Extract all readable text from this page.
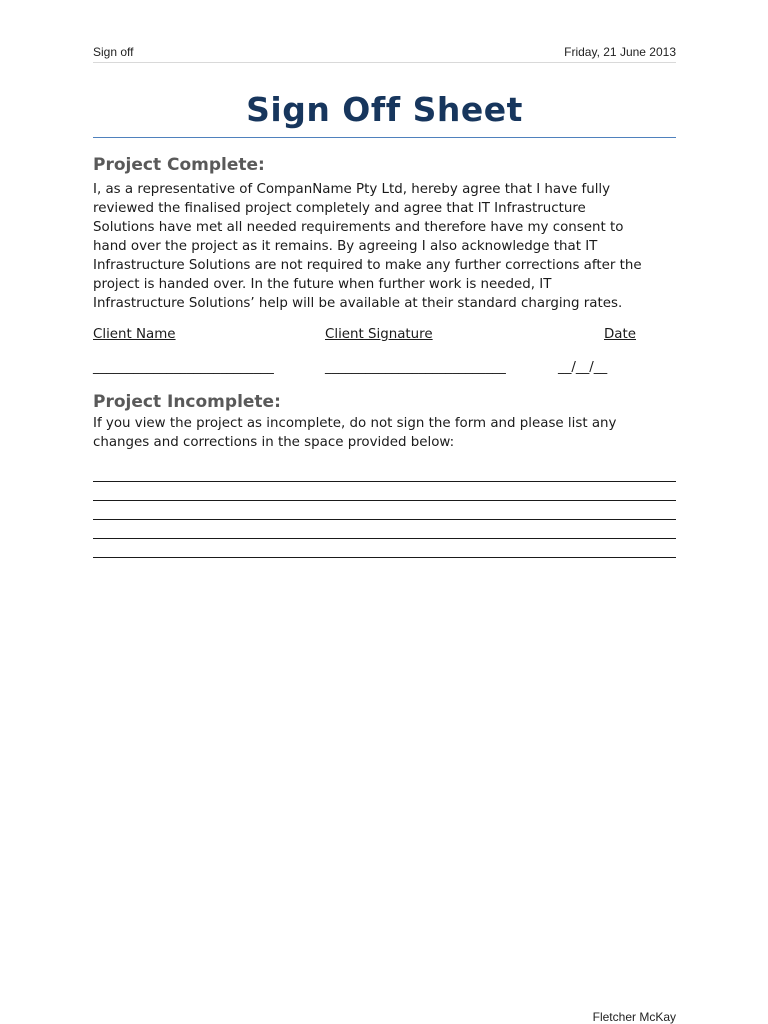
Sign off	Friday, 21 June 2013
Sign Off Sheet
Project Complete:
I, as a representative of CompanName Pty Ltd, hereby agree that I have fully
reviewed the finalised project completely and agree that IT Infrastructure
Solutions have met all needed requirements and therefore have my consent to
hand over the project as it remains. By agreeing I also acknowledge that IT
Infrastructure Solutions are not required to make any further corrections after the
project is handed over. In the future when further work is needed, IT
Infrastructure Solutions’ help will be available at their standard charging rates.
Client Name	Client Signature	Date
___________________________	___________________________	__/__/__
Project Incomplete:
If you view the project as incomplete, do not sign the form and please list any
changes and corrections in the space provided below:
Fletcher McKay
